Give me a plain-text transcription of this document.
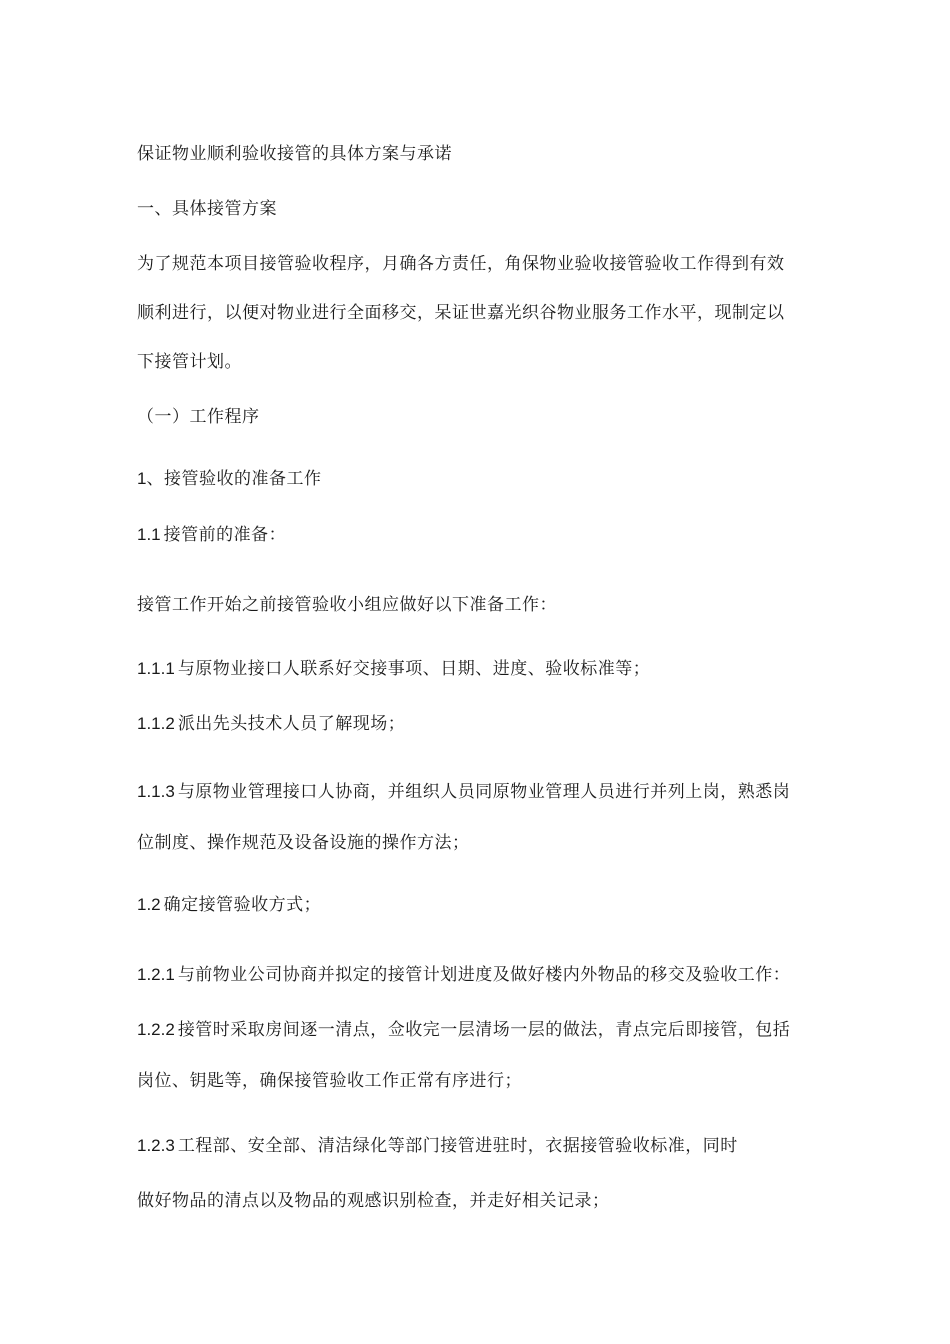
保证物业顺利验收接管的具体方案与承诺
一、具体接管方案
为了规范本项目接管验收程序，月确各方责任，角保物业验收接管验收工作得到有效
顺利进行，以便对物业进行全面移交，呆证世嘉光织谷物业服务工作水平，现制定以
下接管计划。
（一）工作程序
1、接管验收的准备工作
1.1 接管前的准备：
接管工作开始之前接管验收小组应做好以下准备工作：
1.1.1 与原物业接口人联系好交接事项、日期、进度、验收标准等；
1.1.2 派出先头技术人员了解现场；
1.1.3 与原物业管理接口人协商，并组织人员同原物业管理人员进行并列上岗，熟悉岗
位制度、操作规范及设备设施的操作方法；
1.2 确定接管验收方式；
1.2.1 与前物业公司协商并拟定的接管计划进度及做好楼内外物品的移交及验收工作：
1.2.2 接管时采取房间逐一清点，佥收完一层清场一层的做法，青点完后即接管，包括
岗位、钥匙等，确保接管验收工作正常有序进行；
1.2.3 工程部、安全部、清洁绿化等部门接管进驻时，衣据接管验收标准，同时
做好物品的清点以及物品的观感识别检查，并走好相关记录；
